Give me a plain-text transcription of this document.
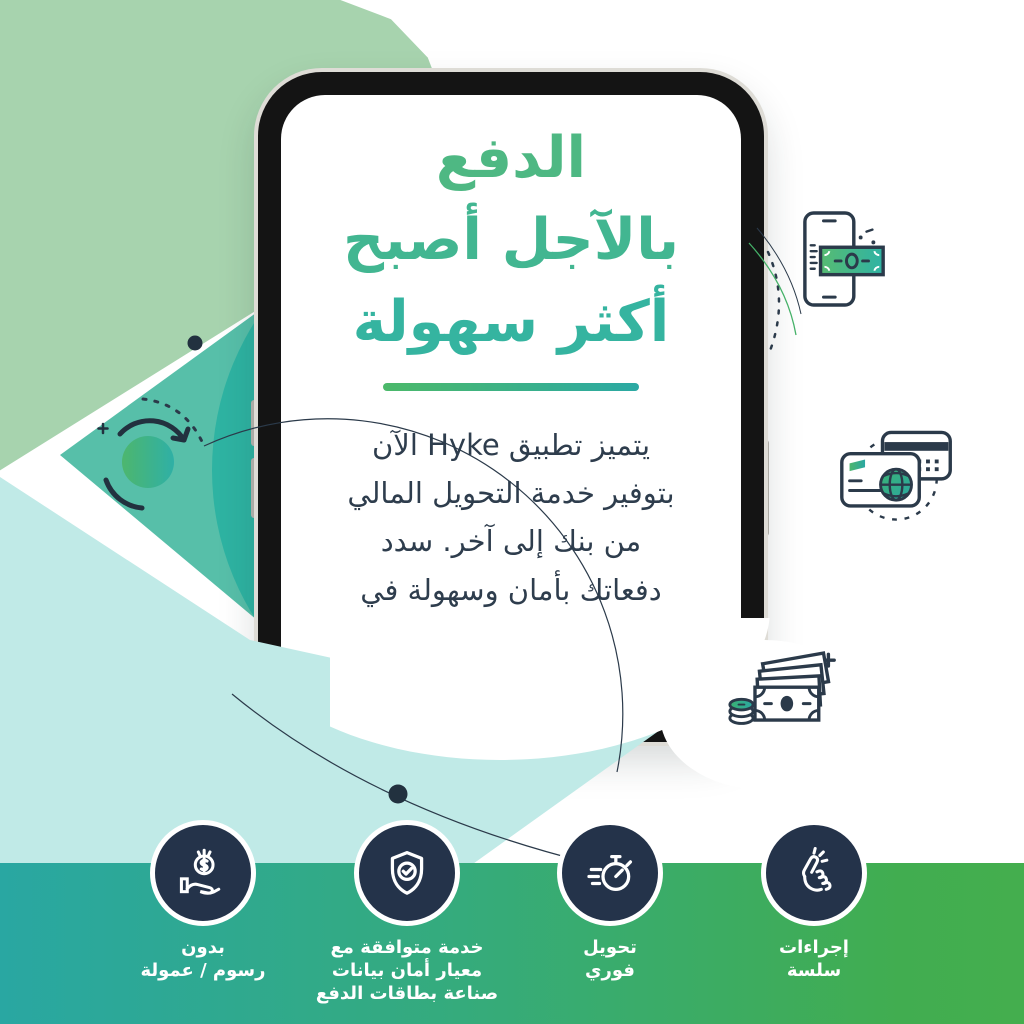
الدفع
بالآجل أصبح
أكثر سهولة
يتميز تطبيق Hyke الآن
بتوفير خدمة التحويل المالي
من بنك إلى آخر. سدد
دفعاتك بأمان وسهولة في
بدون
رسوم / عمولة
خدمة متوافقة مع
معيار أمان بيانات
صناعة بطاقات الدفع
تحويل
فوري
إجراءات
سلسة
